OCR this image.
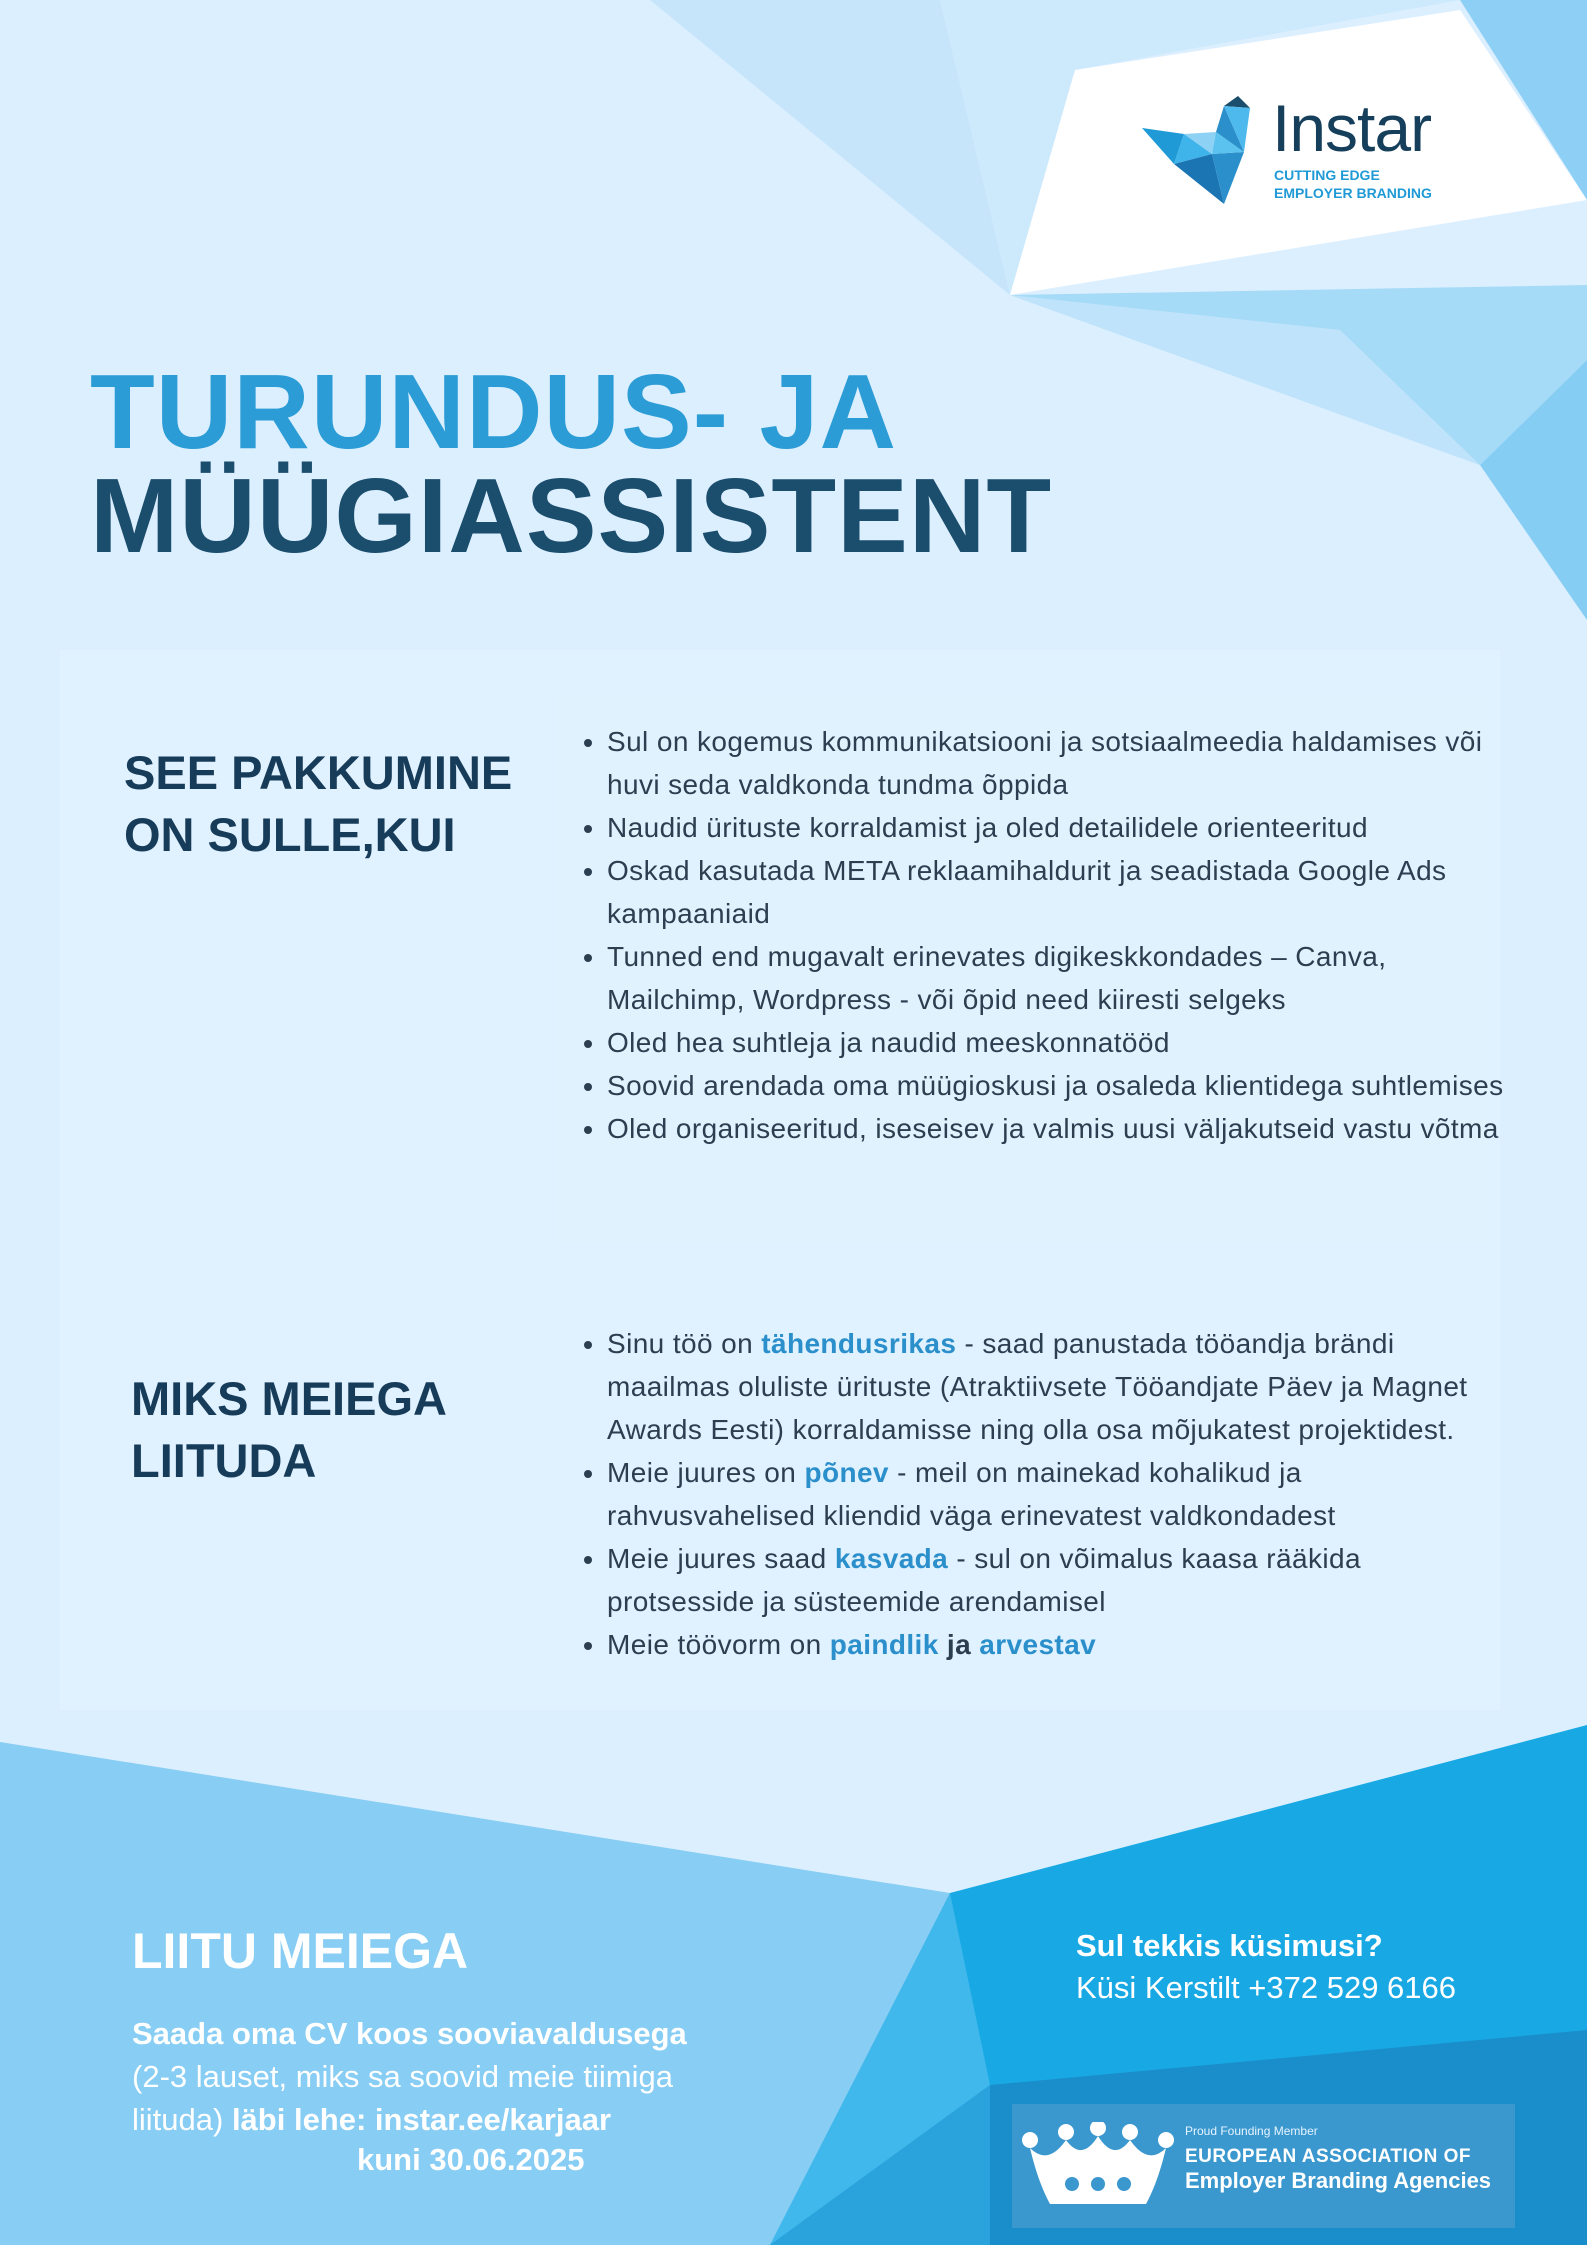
Instar
CUTTING EDGE
EMPLOYER BRANDING
TURUNDUS- JA
MÜÜGIASSISTENT
SEE PAKKUMINE
ON SULLE,KUI
• Sul on kogemus kommunikatsiooni ja sotsiaalmeedia haldamises või huvi seda valdkonda tundma õppida
• Naudid ürituste korraldamist ja oled detailidele orienteeritud
• Oskad kasutada META reklaamihaldurit ja seadistada Google Ads kampaaniaid
• Tunned end mugavalt erinevates digikeskkondades – Canva, Mailchimp, Wordpress - või õpid need kiiresti selgeks
• Oled hea suhtleja ja naudid meeskonnatööd
• Soovid arendada oma müügioskusi ja osaleda klientidega suhtlemises
• Oled organiseeritud, iseseisev ja valmis uusi väljakutseid vastu võtma
MIKS MEIEGA
LIITUDA
• Sinu töö on tähendusrikas - saad panustada tööandja brändi maailmas oluliste ürituste (Atraktiivsete Tööandjate Päev ja Magnet Awards Eesti) korraldamisse ning olla osa mõjukatest projektidest.
• Meie juures on põnev - meil on mainekad kohalikud ja rahvusvahelised kliendid väga erinevatest valdkondadest
• Meie juures saad kasvada - sul on võimalus kaasa rääkida protsesside ja süsteemide arendamisel
• Meie töövorm on paindlik ja arvestav
LIITU MEIEGA
Saada oma CV koos sooviavaldusega
(2-3 lauset, miks sa soovid meie tiimiga
liituda) läbi lehe: instar.ee/karjaar
kuni 30.06.2025
Sul tekkis küsimusi?
Küsi Kerstilt +372 529 6166
Proud Founding Member
EUROPEAN ASSOCIATION OF
Employer Branding Agencies
